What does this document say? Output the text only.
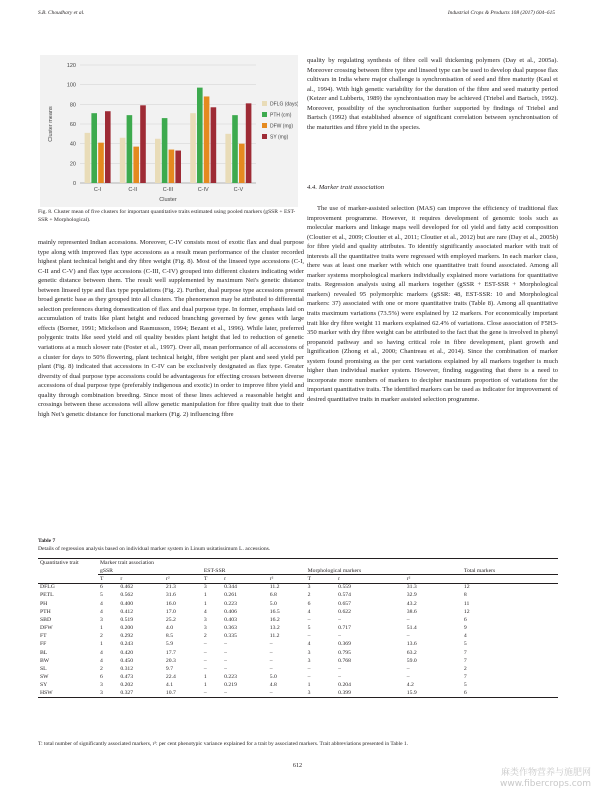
S.B. Choudhary et al.	Industrial Crops & Products 108 (2017) 604–615
0
20
40
60
80
100
120
C-I	C-II	C-III	C-IV	C-V
Cluster
Cluster means
DFLG (days)
PTH (cm)
DFW (mg)
SY (mg)
Fig. 8. Cluster mean of five clusters for important quantitative traits estimated using pooled markers (gSSR + EST-SSR + Morphological).

mainly represented Indian accessions. Moreover, C-IV consists most of exotic flax and dual purpose type along with improved flax type accessions as a result mean performance of the cluster recorded highest plant technical height and dry fibre weight (Fig. 8). Most of the linseed type accessions (C-I, C-II and C-V) and flax type accessions (C-III, C-IV) grouped into different clusters indicating wider genetic distance between them. The result well supplemented by maximum Nei's genetic distance between linseed type and flax type populations (Fig. 2). Further, dual purpose type accessions present broad genetic base as they grouped into all clusters. The phenomenon may be attributed to differential selection preferences during domestication of flax and dual purpose type. In former, emphasis laid on accumulation of traits like plant height and reduced branching governed by few genes with large effects (Borner, 1991; Mickelson and Rasmusson, 1994; Bezant et al., 1996). While later, preferred polygenic traits like seed yield and oil quality besides plant height that led to reduction of genetic variations at a much slower rate (Foster et al., 1997). Over all, mean performance of all accessions of a cluster for days to 50% flowering, plant technical height, fibre weight per plant and seed yield per plant (Fig. 8) indicated that accessions in C-IV can be exclusively designated as flax type. Greater diversity of dual purpose type accessions could be advantageous for effecting crosses between diverse accessions of dual purpose type (preferably indigenous and exotic) in order to improve fibre yield and quality through combination breeding. Since most of these lines achieved a reasonable height and crossings between these accessions will allow genetic manipulation for fibre quality trait due to their high Nei's genetic distance for functional markers (Fig. 2) influencing fibre

quality by regulating synthesis of fibre cell wall thickening polymers (Day et al., 2005a). Moreover crossing between fibre type and linseed type can be used to develop dual purpose flax cultivars in India where major challenge is synchronisation of seed and fibre maturity (Kaul et al., 1994). With high genetic variability for the duration of the fibre and seed maturity period (Keizer and Lubberts, 1989) the synchronisation may be achieved (Triebel and Bartsch, 1992). Moreover, possibility of the synchronisation further supported by findings of Triebel and Bartsch (1992) that established absence of significant correlation between synchronisation of the maturities and fibre yield in the species.

4.4. Marker trait association

The use of marker-assisted selection (MAS) can improve the efficiency of traditional flax improvement programme. However, it requires development of genomic tools such as molecular markers and linkage maps well developed for oil yield and fatty acid composition (Cloutier et al., 2009; Cloutier et al., 2011; Cloutier et al., 2012) but are rare (Day et al., 2005b) for fibre yield and quality attributes. To identify significantly associated marker with trait of interests all the quantitative traits were regressed with employed markers. In each marker class, there was at least one marker with which one quantitative trait found associated. Among all marker systems morphological markers individually explained more variations for quantitative traits. Regression analysis using all markers together (gSSR + EST-SSR + Morphological markers) revealed 95 polymorphic markers (gSSR: 48, EST-SSR: 10 and Morphological markers: 37) associated with one or more quantitative traits (Table 8). Among all quantitative traits maximum variations (73.5%) were explained by 12 markers. For economically important trait like dry fibre weight 11 markers explained 62.4% of variations. Close association of F5H3-350 marker with dry fibre weight can be attributed to the fact that the gene is involved in phenyl propanoid pathway and so having critical role in fibre development, plant growth and lignification (Zhong et al., 2000; Chantreau et al., 2014). Since the combination of marker system found promising as the per cent variations explained by all markers together is much higher than individual marker system. However, finding suggesting that there is a need to incorporate more numbers of markers to decipher maximum proportion of variations for the important quantitative traits. The identified markers can be used as indicator for improvement of desired quantitative traits in marker assisted selection programme.

Table 7
Details of regression analysis based on individual marker system in Linum usitatissimum L. accessions.
Quantitative trait	Marker trait association									
	gSSR			EST-SSR			Morphological markers			Total markers
	T	r	r²	T	r	r²	T	r	r²	
DFLG	6	0.462	21.3	3	0.344	11.2	3	0.559	31.3	12
PETL	5	0.562	31.6	1	0.261	6.8	2	0.574	32.9	8
PH	4	0.400	16.0	1	0.223	5.0	6	0.657	43.2	11
PTH	4	0.412	17.0	4	0.406	16.5	4	0.622	38.6	12
SBD	3	0.519	25.2	3	0.403	16.2	–	–	–	6
DFW	1	0.200	4.0	3	0.363	13.2	5	0.717	51.4	9
FT	2	0.292	8.5	2	0.335	11.2	–	–	–	4
FF	1	0.243	5.9	–	–	–	4	0.369	13.6	5
BL	4	0.420	17.7	–	–	–	3	0.795	63.2	7
BW	4	0.450	20.3	–	–	–	3	0.768	59.0	7
SL	2	0.312	9.7	–	–	–	–	–	–	2
SW	6	0.473	22.4	1	0.223	5.0	–	–	–	7
SY	3	0.202	4.1	1	0.219	4.8	1	0.204	4.2	5
HSW	3	0.327	10.7	–	–	–	3	0.399	15.9	6
T: total number of significantly associated markers, r²: per cent phenotypic variance explained for a trait by associated markers. Trait abbreviations presented in Table 1.
612
麻类作物营养与施肥网
www.fibercrops.com
